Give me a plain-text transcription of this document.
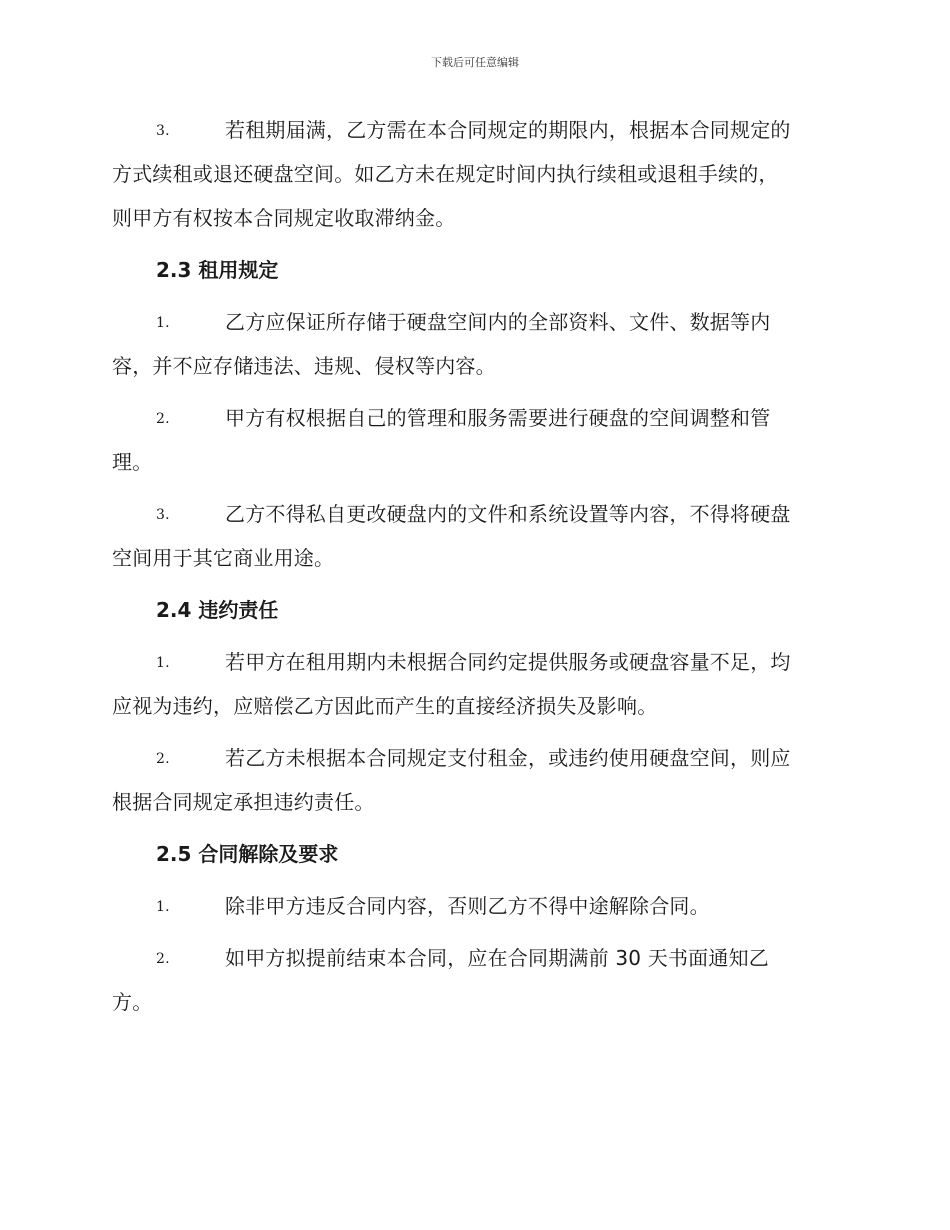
下载后可任意编辑
3.	若租期届满，乙方需在本合同规定的期限内，根据本合同规定的
方式续租或退还硬盘空间。如乙方未在规定时间内执行续租或退租手续的，
则甲方有权按本合同规定收取滞纳金。
2.3 租用规定
1.	乙方应保证所存储于硬盘空间内的全部资料、文件、数据等内
容，并不应存储违法、违规、侵权等内容。
2.	甲方有权根据自己的管理和服务需要进行硬盘的空间调整和管
理。
3.	乙方不得私自更改硬盘内的文件和系统设置等内容，不得将硬盘
空间用于其它商业用途。
2.4 违约责任
1.	若甲方在租用期内未根据合同约定提供服务或硬盘容量不足，均
应视为违约，应赔偿乙方因此而产生的直接经济损失及影响。
2.	若乙方未根据本合同规定支付租金，或违约使用硬盘空间，则应
根据合同规定承担违约责任。
2.5 合同解除及要求
1.	除非甲方违反合同内容，否则乙方不得中途解除合同。
2.	如甲方拟提前结束本合同，应在合同期满前 30 天书面通知乙
方。
